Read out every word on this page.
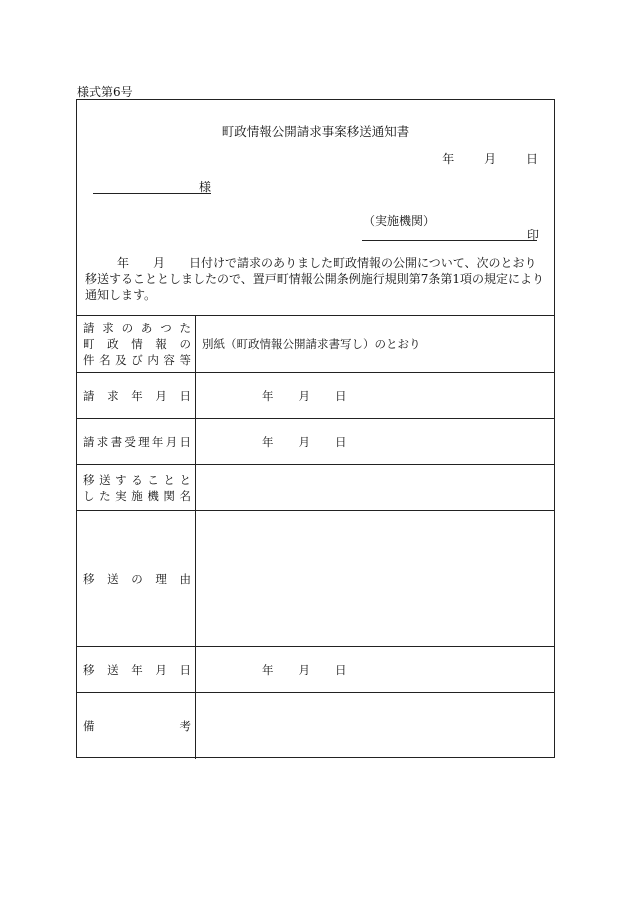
様式第6号
町政情報公開請求事案移送通知書
年 月 日
様
（実施機関）
印
年 月 日付けで請求のありました町政情報の公開について、次のとおり移送することとしましたので、置戸町情報公開条例施行規則第7条第1項の規定により通知します。
請求のあつた
町政情報の
件名及び内容等	別紙（町政情報公開請求書写し）のとおり

請求年月日	年 月 日

請求書受理年月日	年 月 日

移送することと
した実施機関名	

移送の理由	

移送年月日	年 月 日

備考	
